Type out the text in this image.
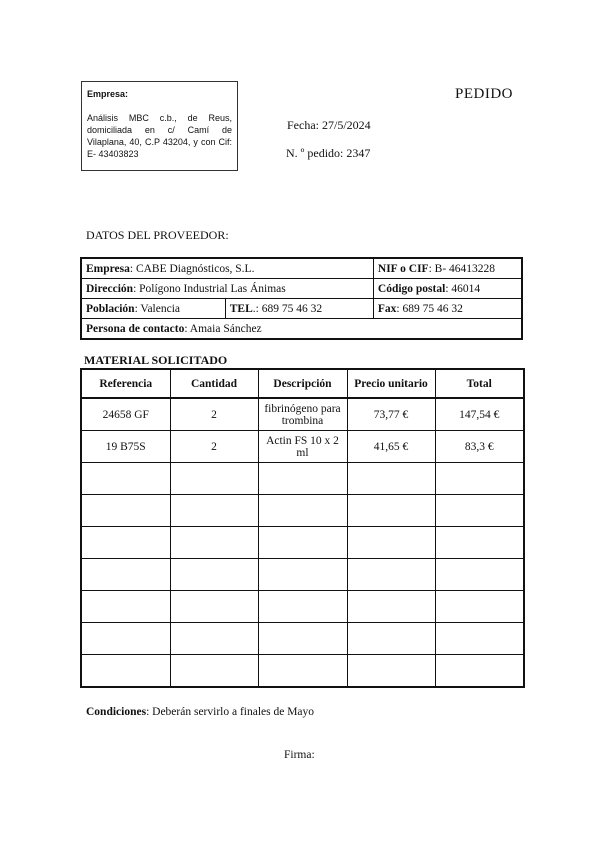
Empresa:
Análisis MBC c.b., de Reus, domiciliada en c/ Camí de Vilaplana, 40, C.P 43204, y con Cif: E- 43403823
PEDIDO
Fecha: 27/5/2024
N. º pedido: 2347
DATOS DEL PROVEEDOR:
Empresa: CABE Diagnósticos, S.L.		NIF o CIF: B- 46413228
Dirección: Polígono Industrial Las Ánimas		Código postal: 46014
Población: Valencia	TEL.: 689 75 46 32	Fax: 689 75 46 32
Persona de contacto: Amaia Sánchez		
MATERIAL SOLICITADO
Referencia	Cantidad	Descripción	Precio unitario	Total
24658 GF	2	fibrinógeno para trombina	73,77 €	147,54 €
19 B75S	2	Actin FS 10 x 2 ml	41,65 €	83,3 €

Condiciones: Deberán servirlo a finales de Mayo
Firma:
